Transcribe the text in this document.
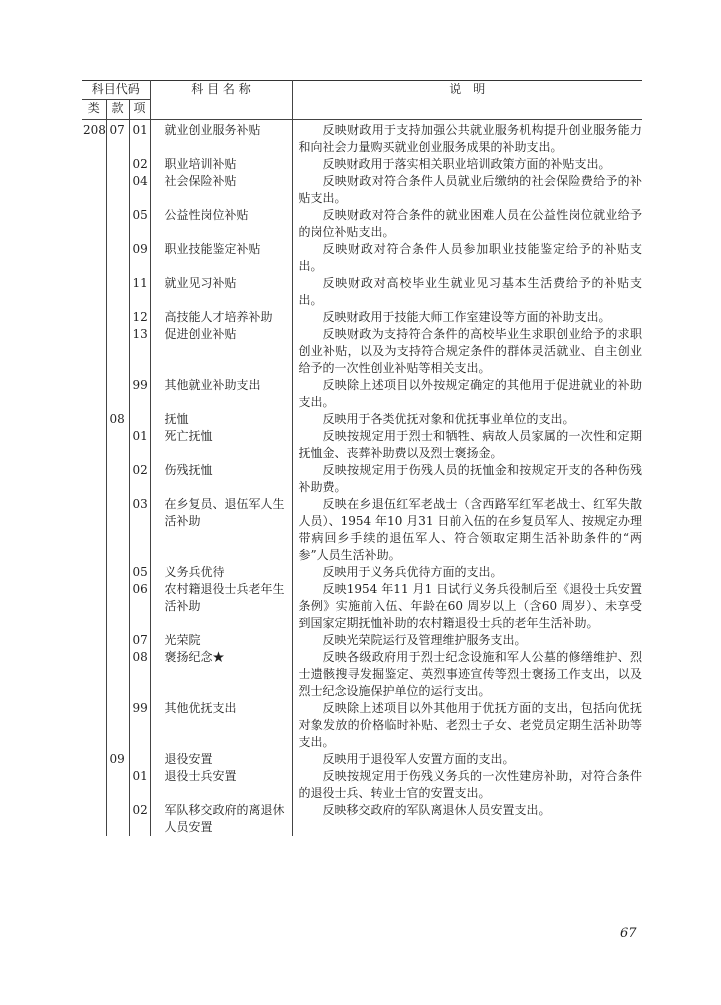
科目代码			科 目 名 称	说　明
类	款	项		
208	07	01	就业创业服务补贴	反映财政用于支持加强公共就业服务机构提升创业服务能力和向社会力量购买就业创业服务成果的补助支出。
		02	职业培训补贴	反映财政用于落实相关职业培训政策方面的补贴支出。
		04	社会保险补贴	反映财政对符合条件人员就业后缴纳的社会保险费给予的补贴支出。
		05	公益性岗位补贴	反映财政对符合条件的就业困难人员在公益性岗位就业给予的岗位补贴支出。
		09	职业技能鉴定补贴	反映财政对符合条件人员参加职业技能鉴定给予的补贴支出。
		11	就业见习补贴	反映财政对高校毕业生就业见习基本生活费给予的补贴支出。
		12	高技能人才培养补助	反映财政用于技能大师工作室建设等方面的补助支出。
		13	促进创业补贴	反映财政为支持符合条件的高校毕业生求职创业给予的求职创业补贴，以及为支持符合规定条件的群体灵活就业、自主创业给予的一次性创业补贴等相关支出。
		99	其他就业补助支出	反映除上述项目以外按规定确定的其他用于促进就业的补助支出。
	08		抚恤	反映用于各类优抚对象和优抚事业单位的支出。
		01	死亡抚恤	反映按规定用于烈士和牺牲、病故人员家属的一次性和定期抚恤金、丧葬补助费以及烈士褒扬金。
		02	伤残抚恤	反映按规定用于伤残人员的抚恤金和按规定开支的各种伤残补助费。
		03	在乡复员、退伍军人生活补助	反映在乡退伍红军老战士（含西路军红军老战士、红军失散人员）、1954 年10 月31 日前入伍的在乡复员军人、按规定办理带病回乡手续的退伍军人、符合领取定期生活补助条件的“两参”人员生活补助。
		05	义务兵优待	反映用于义务兵优待方面的支出。
		06	农村籍退役士兵老年生活补助	反映1954 年11 月1 日试行义务兵役制后至《退役士兵安置条例》实施前入伍、年龄在60 周岁以上（含60 周岁）、未享受到国家定期抚恤补助的农村籍退役士兵的老年生活补助。
		07	光荣院	反映光荣院运行及管理维护服务支出。
		08	褒扬纪念★	反映各级政府用于烈士纪念设施和军人公墓的修缮维护、烈士遗骸搜寻发掘鉴定、英烈事迹宣传等烈士褒扬工作支出，以及烈士纪念设施保护单位的运行支出。
		99	其他优抚支出	反映除上述项目以外其他用于优抚方面的支出，包括向优抚对象发放的价格临时补贴、老烈士子女、老党员定期生活补助等支出。
	09		退役安置	反映用于退役军人安置方面的支出。
		01	退役士兵安置	反映按规定用于伤残义务兵的一次性建房补助，对符合条件的退役士兵、转业士官的安置支出。
		02	军队移交政府的离退休人员安置	反映移交政府的军队离退休人员安置支出。
67
